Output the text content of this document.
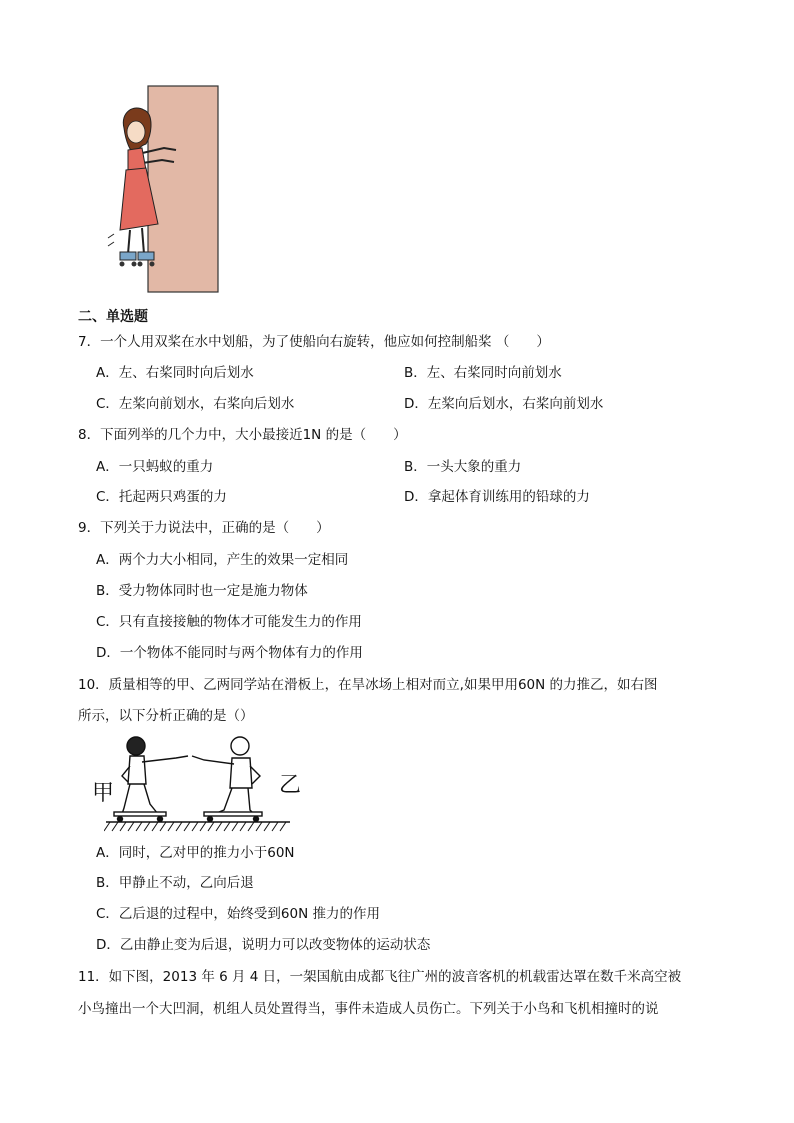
二、单选题
7．一个人用双桨在水中划船，为了使船向右旋转，他应如何控制船桨 （　　）
A．左、右桨同时向后划水	B．左、右桨同时向前划水
C．左桨向前划水，右桨向后划水	D．左桨向后划水，右桨向前划水
8．下面列举的几个力中，大小最接近1N 的是（　　）
A．一只蚂蚁的重力	B．一头大象的重力
C．托起两只鸡蛋的力	D．拿起体育训练用的铅球的力
9．下列关于力说法中，正确的是（　　）
A．两个力大小相同，产生的效果一定相同
B．受力物体同时也一定是施力物体
C．只有直接接触的物体才可能发生力的作用
D．一个物体不能同时与两个物体有力的作用
10．质量相等的甲、乙两同学站在滑板上，在旱冰场上相对而立,如果甲用60N 的力推乙，如右图
所示，以下分析正确的是（）
甲	乙
A．同时，乙对甲的推力小于60N
B．甲静止不动，乙向后退
C．乙后退的过程中，始终受到60N 推力的作用
D．乙由静止变为后退，说明力可以改变物体的运动状态
11．如下图，2013 年 6 月 4 日，一架国航由成都飞往广州的波音客机的机载雷达罩在数千米高空被
小鸟撞出一个大凹洞，机组人员处置得当，事件未造成人员伤亡。下列关于小鸟和飞机相撞时的说
